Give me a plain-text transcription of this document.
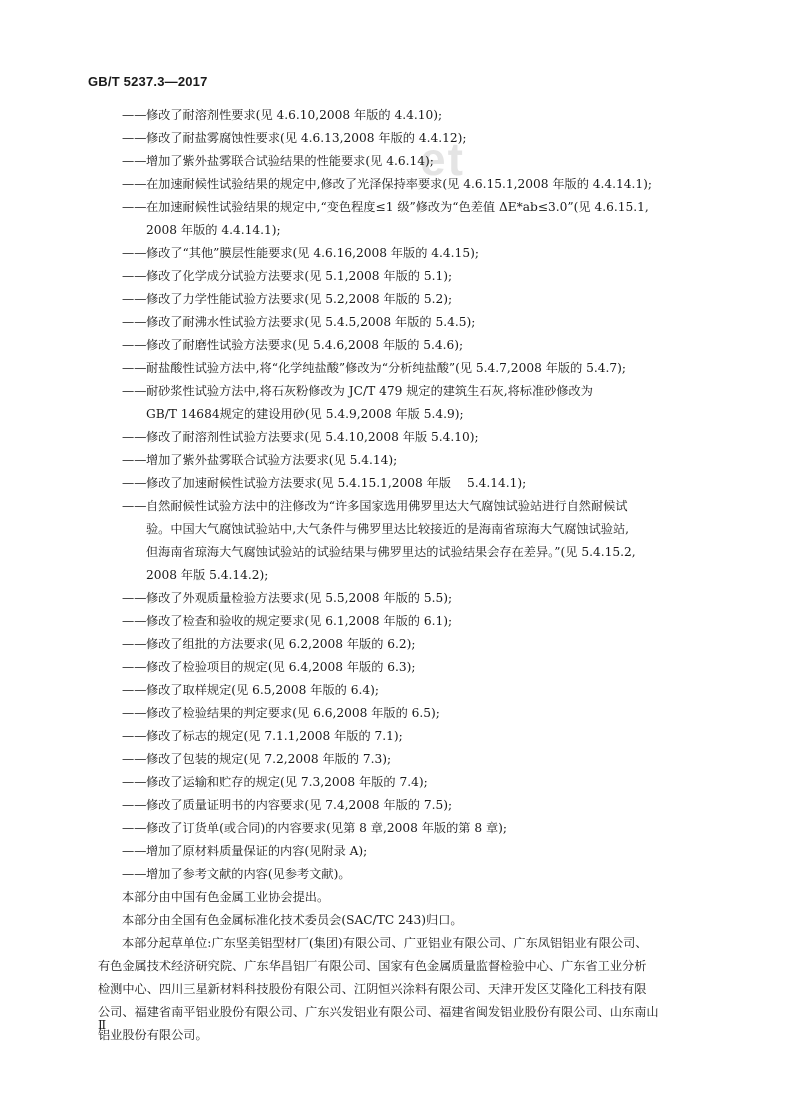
GB/T 5237.3—2017
et
—— 修改了耐溶剂性要求(见 4.6.10,2008 年版的 4.4.10);
—— 修改了耐盐雾腐蚀性要求(见 4.6.13,2008 年版的 4.4.12);
—— 增加了紫外盐雾联合试验结果的性能要求(见 4.6.14);
—— 在加速耐候性试验结果的规定中,修改了光泽保持率要求(见 4.6.15.1,2008 年版的 4.4.14.1);
—— 在加速耐候性试验结果的规定中,“变色程度≤1 级”修改为“色差值 ΔE*ab≤3.0”(见 4.6.15.1,
2008 年版的 4.4.14.1);
—— 修改了“其他”膜层性能要求(见 4.6.16,2008 年版的 4.4.15);
—— 修改了化学成分试验方法要求(见 5.1,2008 年版的 5.1);
—— 修改了力学性能试验方法要求(见 5.2,2008 年版的 5.2);
—— 修改了耐沸水性试验方法要求(见 5.4.5,2008 年版的 5.4.5);
—— 修改了耐磨性试验方法要求(见 5.4.6,2008 年版的 5.4.6);
—— 耐盐酸性试验方法中,将“化学纯盐酸”修改为“分析纯盐酸”(见 5.4.7,2008 年版的 5.4.7);
—— 耐砂浆性试验方法中,将石灰粉修改为 JC/T 479 规定的建筑生石灰,将标准砂修改为
GB/T 14684规定的建设用砂(见 5.4.9,2008 年版 5.4.9);
—— 修改了耐溶剂性试验方法要求(见 5.4.10,2008 年版 5.4.10);
—— 增加了紫外盐雾联合试验方法要求(见 5.4.14);
—— 修改了加速耐候性试验方法要求(见 5.4.15.1,2008 年版　 5.4.14.1);
—— 自然耐候性试验方法中的注修改为“许多国家选用佛罗里达大气腐蚀试验站进行自然耐候试
验。中国大气腐蚀试验站中,大气条件与佛罗里达比较接近的是海南省琼海大气腐蚀试验站,
但海南省琼海大气腐蚀试验站的试验结果与佛罗里达的试验结果会存在差异。”(见 5.4.15.2,
2008 年版 5.4.14.2);
—— 修改了外观质量检验方法要求(见 5.5,2008 年版的 5.5);
—— 修改了检查和验收的规定要求(见 6.1,2008 年版的 6.1);
—— 修改了组批的方法要求(见 6.2,2008 年版的 6.2);
—— 修改了检验项目的规定(见 6.4,2008 年版的 6.3);
—— 修改了取样规定(见 6.5,2008 年版的 6.4);
—— 修改了检验结果的判定要求(见 6.6,2008 年版的 6.5);
—— 修改了标志的规定(见 7.1.1,2008 年版的 7.1);
—— 修改了包装的规定(见 7.2,2008 年版的 7.3);
—— 修改了运输和贮存的规定(见 7.3,2008 年版的 7.4);
—— 修改了质量证明书的内容要求(见 7.4,2008 年版的 7.5);
—— 修改了订货单(或合同)的内容要求(见第 8 章,2008 年版的第 8 章);
—— 增加了原材料质量保证的内容(见附录 A);
—— 增加了参考文献的内容(见参考文献)。
本部分由中国有色金属工业协会提出。
本部分由全国有色金属标准化技术委员会(SAC/TC 243)归口。
本部分起草单位:广东坚美铝型材厂(集团)有限公司、广亚铝业有限公司、广东凤铝铝业有限公司、
有色金属技术经济研究院、广东华昌铝厂有限公司、国家有色金属质量监督检验中心、广东省工业分析
检测中心、四川三星新材料科技股份有限公司、江阴恒兴涂料有限公司、天津开发区艾隆化工科技有限
公司、福建省南平铝业股份有限公司、广东兴发铝业有限公司、福建省闽发铝业股份有限公司、山东南山
铝业股份有限公司。
Ⅱ
